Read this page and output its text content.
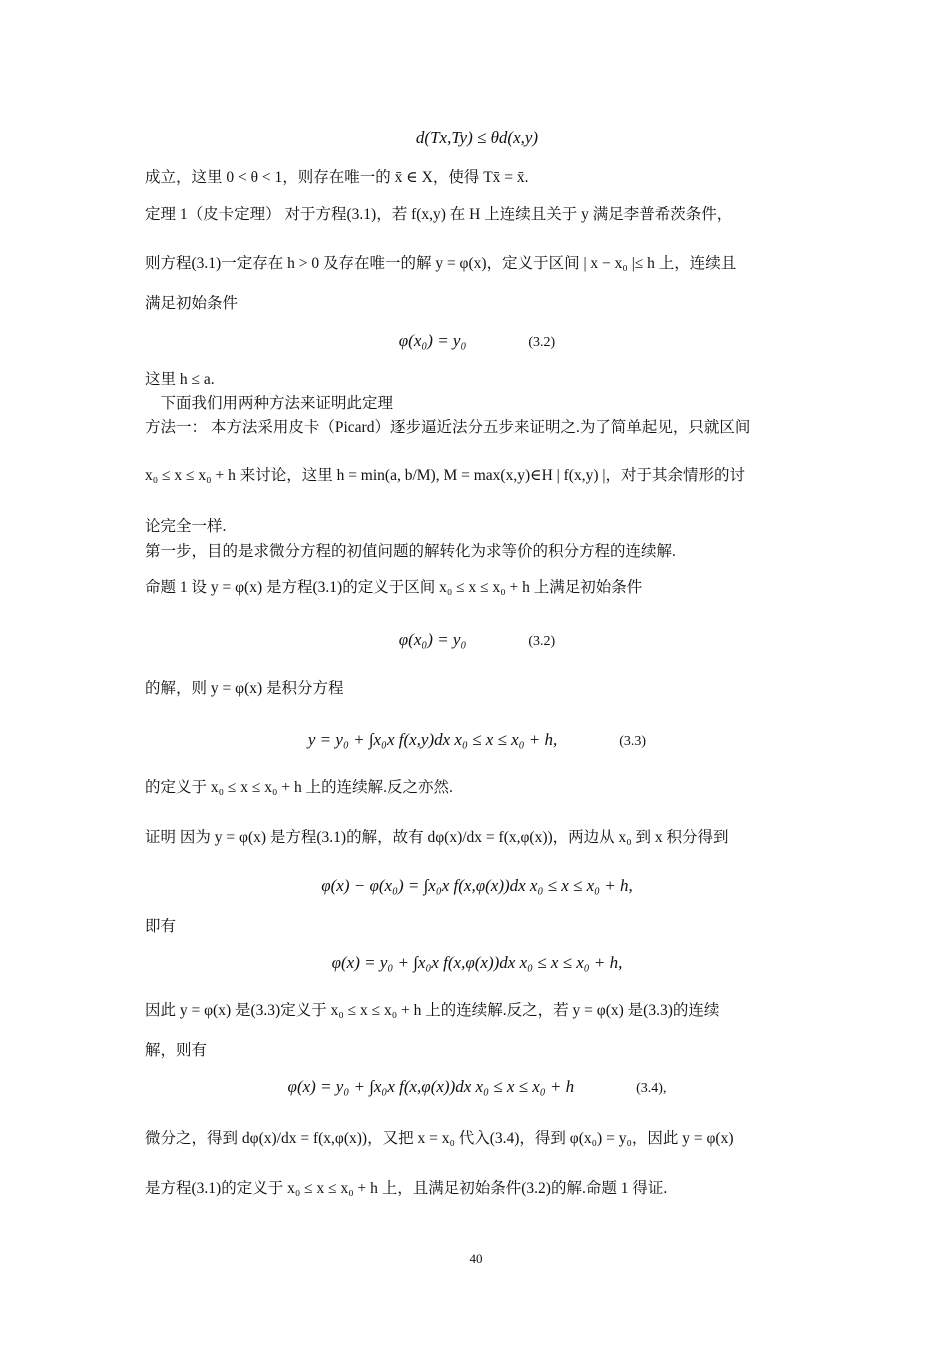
d(Tx,Ty) ≤ θd(x,y)
成立，这里 0 < θ < 1，则存在唯一的 x̄ ∈ X，使得 Tx̄ = x̄.
定理 1（皮卡定理） 对于方程(3.1)，若 f(x,y) 在 H 上连续且关于 y 满足李普希茨条件，
则方程(3.1)一定存在 h > 0 及存在唯一的解 y = φ(x)，定义于区间 | x − x₀ |≤ h 上，连续且
满足初始条件
φ(x₀) = y₀	(3.2)
这里 h ≤ a.
下面我们用两种方法来证明此定理
方法一： 本方法采用皮卡（Picard）逐步逼近法分五步来证明之.为了简单起见，只就区间
x₀ ≤ x ≤ x₀ + h 来讨论，这里 h = min(a, b/M), M = max(x,y)∈H | f(x,y) |，对于其余情形的讨
论完全一样.
第一步，目的是求微分方程的初值问题的解转化为求等价的积分方程的连续解.
命题 1 设 y = φ(x) 是方程(3.1)的定义于区间 x₀ ≤ x ≤ x₀ + h 上满足初始条件
φ(x₀) = y₀	(3.2)
的解，则 y = φ(x) 是积分方程
y = y₀ + ∫x₀x f(x,y)dx x₀ ≤ x ≤ x₀ + h,	(3.3)
的定义于 x₀ ≤ x ≤ x₀ + h 上的连续解.反之亦然.
证明 因为 y = φ(x) 是方程(3.1)的解，故有 dφ(x)/dx = f(x,φ(x))，两边从 x₀ 到 x 积分得到
φ(x) − φ(x₀) = ∫x₀x f(x,φ(x))dx x₀ ≤ x ≤ x₀ + h,
即有
φ(x) = y₀ + ∫x₀x f(x,φ(x))dx x₀ ≤ x ≤ x₀ + h,
因此 y = φ(x) 是(3.3)定义于 x₀ ≤ x ≤ x₀ + h 上的连续解.反之，若 y = φ(x) 是(3.3)的连续
解，则有
φ(x) = y₀ + ∫x₀x f(x,φ(x))dx x₀ ≤ x ≤ x₀ + h	(3.4),
微分之，得到 dφ(x)/dx = f(x,φ(x))，又把 x = x₀ 代入(3.4)，得到 φ(x₀) = y₀，因此 y = φ(x)
是方程(3.1)的定义于 x₀ ≤ x ≤ x₀ + h 上，且满足初始条件(3.2)的解.命题 1 得证.
40
